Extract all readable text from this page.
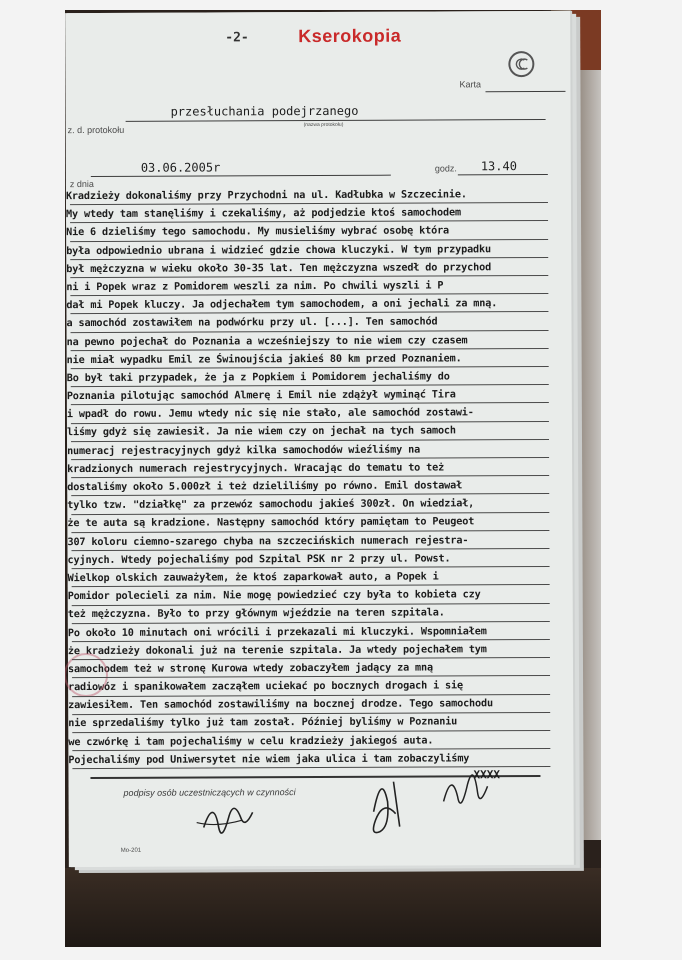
-2-	Kserokopia
Karta
przesłuchania podejrzanego
z. d. protokołu	(nazwa protokołu)
03.06.2005r
z dnia
godz. 13.40
Kradzieży dokonaliśmy przy Przychodni na ul. Kadłubka w Szczecinie.
My wtedy tam stanęliśmy i czekaliśmy, aż podjedzie ktoś samochodem
Nie 6 dzieliśmy tego samochodu. My musieliśmy wybrać osobę która
była odpowiednio ubrana i widzieć gdzie chowa kluczyki. W tym przypadku
był mężczyzna w wieku około 30-35 lat. Ten mężczyzna wszedł do przychod
ni i Popek wraz z Pomidorem weszli za nim. Po chwili wyszli i P
dał mi Popek kluczy. Ja odjechałem tym samochodem, a oni jechali za mną.
a samochód zostawiłem na podwórku przy ul. [...]. Ten samochód
na pewno pojechał do Poznania a wcześniejszy to nie wiem czy czasem
nie miał wypadku Emil ze Świnoujścia jakieś 80 km przed Poznaniem.
Bo był taki przypadek, że ja z Popkiem i Pomidorem jechaliśmy do
Poznania pilotując samochód Almerę i Emil nie zdążył wyminąć Tira
i wpadł do rowu. Jemu wtedy nic się nie stało, ale samochód zostawi-
liśmy gdyż się zawiesił. Ja nie wiem czy on jechał na tych samoch
numeracj rejestracyjnych gdyż kilka samochodów wieźliśmy na
kradzionych numerach rejestrycyjnych. Wracając do tematu to też
dostaliśmy około 5.000zł i też dzieliliśmy po równo. Emil dostawał
tylko tzw. "działkę" za przewóz samochodu jakieś 300zł. On wiedział,
że te auta są kradzione. Następny samochód który pamiętam to Peugeot
307 koloru ciemno-szarego chyba na szczecińskich numerach rejestra-
cyjnych. Wtedy pojechaliśmy pod Szpital PSK nr 2 przy ul. Powst.
Wielkop olskich zauważyłem, że ktoś zaparkował auto, a Popek i
Pomidor polecieli za nim. Nie mogę powiedzieć czy była to kobieta czy
też mężczyzna. Było to przy głównym wjeździe na teren szpitala.
Po około 10 minutach oni wrócili i przekazali mi kluczyki. Wspomniałem
że kradzieży dokonali już na terenie szpitala. Ja wtedy pojechałem tym
samochodem też w stronę Kurowa wtedy zobaczyłem jadący za mną
radiowóz i spanikowałem zacząłem uciekać po bocznych drogach i się
zawiesiłem. Ten samochód zostawiliśmy na bocznej drodze. Tego samochodu
nie sprzedaliśmy tylko już tam został. Później byliśmy w Poznaniu
we czwórkę i tam pojechaliśmy w celu kradzieży jakiegoś auta.
Pojechaliśmy pod Uniwersytet nie wiem jaka ulica i tam zobaczyliśmy
podpisy osób uczestniczących w czynności
XXXX
Mo-201
